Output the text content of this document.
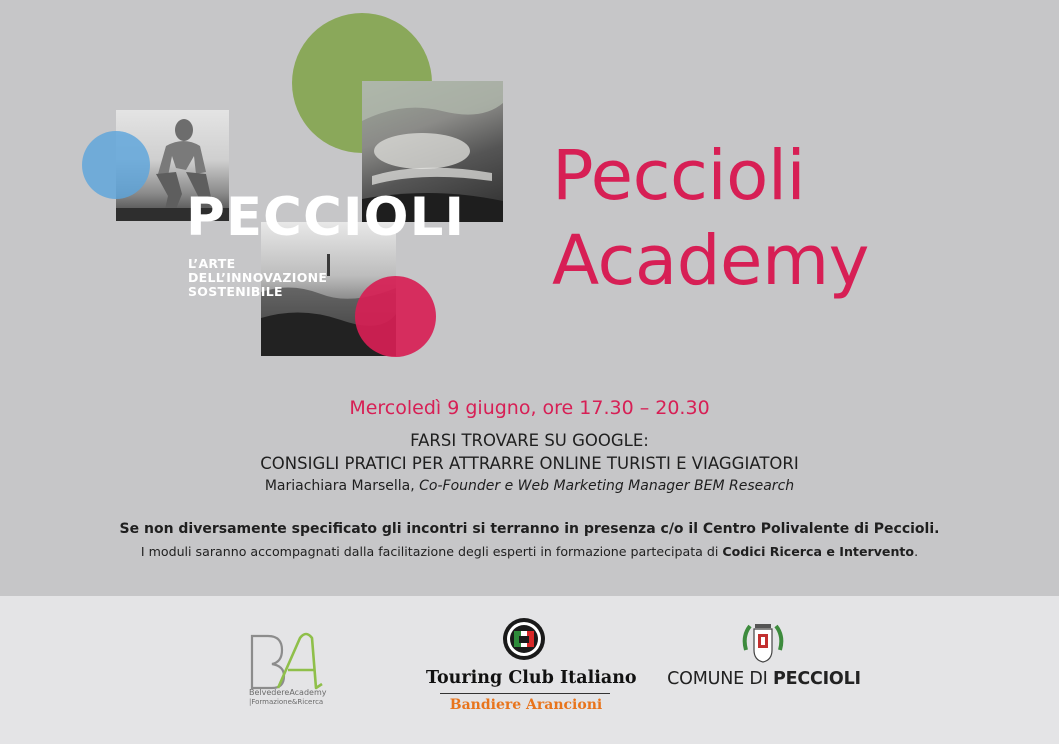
PECCIOLI
L’ARTE
DELL’INNOVAZIONE
SOSTENIBILE
Peccioli
Academy
Mercoledì 9 giugno, ore 17.30 – 20.30
FARSI TROVARE SU GOOGLE:
CONSIGLI PRATICI PER ATTRARRE ONLINE TURISTI E VIAGGIATORI
Mariachiara Marsella, Co-Founder e Web Marketing Manager BEM Research
Se non diversamente specificato gli incontri si terranno in presenza c/o il Centro Polivalente di Peccioli.
I moduli saranno accompagnati dalla facilitazione degli esperti in formazione partecipata di Codici Ricerca e Intervento.
BelvedereAcademy
|Formazione&Ricerca
Touring Club Italiano
Bandiere Arancioni
COMUNE DI PECCIOLI
